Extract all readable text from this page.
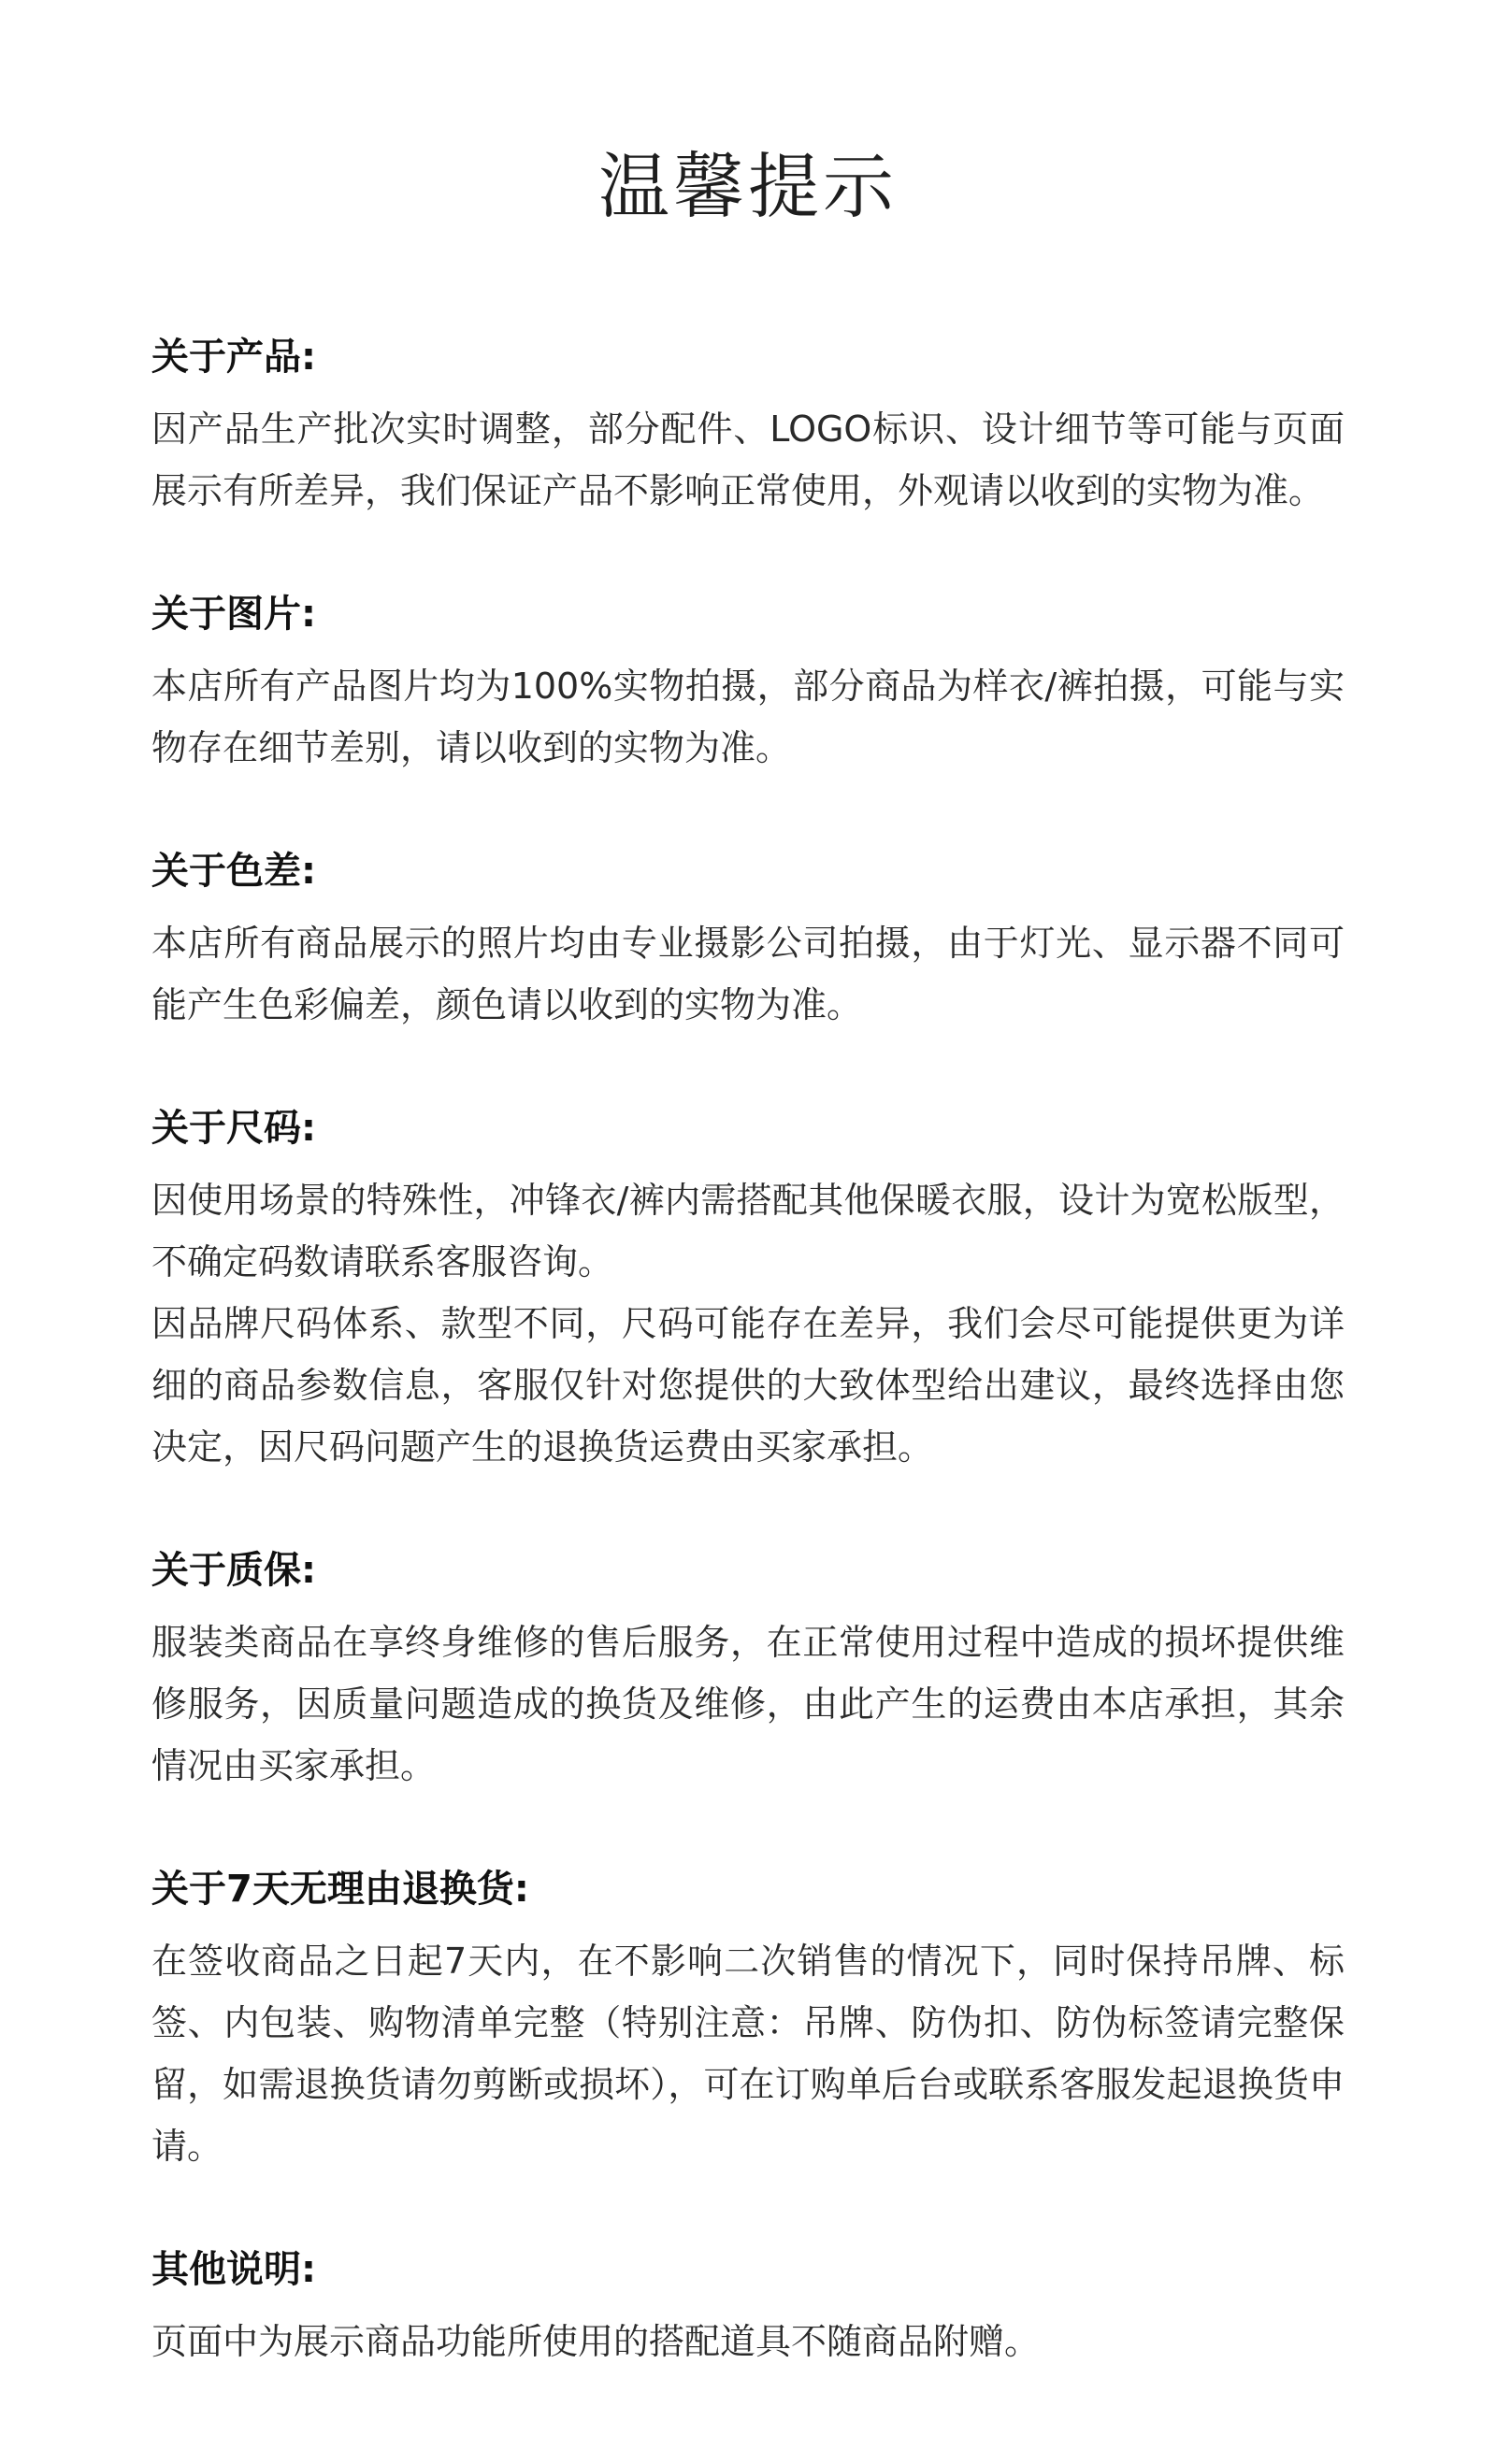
温馨提示
关于产品:

因产品生产批次实时调整，部分配件、LOGO标识、设计细节等可能与页面展示有所差异，我们保证产品不影响正常使用，外观请以收到的实物为准。

关于图片:

本店所有产品图片均为100%实物拍摄，部分商品为样衣/裤拍摄，可能与实物存在细节差别，请以收到的实物为准。

关于色差:

本店所有商品展示的照片均由专业摄影公司拍摄，由于灯光、显示器不同可能产生色彩偏差，颜色请以收到的实物为准。

关于尺码:

因使用场景的特殊性，冲锋衣/裤内需搭配其他保暖衣服，设计为宽松版型，不确定码数请联系客服咨询。

因品牌尺码体系、款型不同，尺码可能存在差异，我们会尽可能提供更为详细的商品参数信息，客服仅针对您提供的大致体型给出建议，最终选择由您决定，因尺码问题产生的退换货运费由买家承担。

关于质保:

服装类商品在享终身维修的售后服务，在正常使用过程中造成的损坏提供维修服务，因质量问题造成的换货及维修，由此产生的运费由本店承担，其余情况由买家承担。

关于7天无理由退换货:

在签收商品之日起7天内，在不影响二次销售的情况下，同时保持吊牌、标签、内包装、购物清单完整（特别注意：吊牌、防伪扣、防伪标签请完整保留，如需退换货请勿剪断或损坏），可在订购单后台或联系客服发起退换货申请。

其他说明:

页面中为展示商品功能所使用的搭配道具不随商品附赠。
